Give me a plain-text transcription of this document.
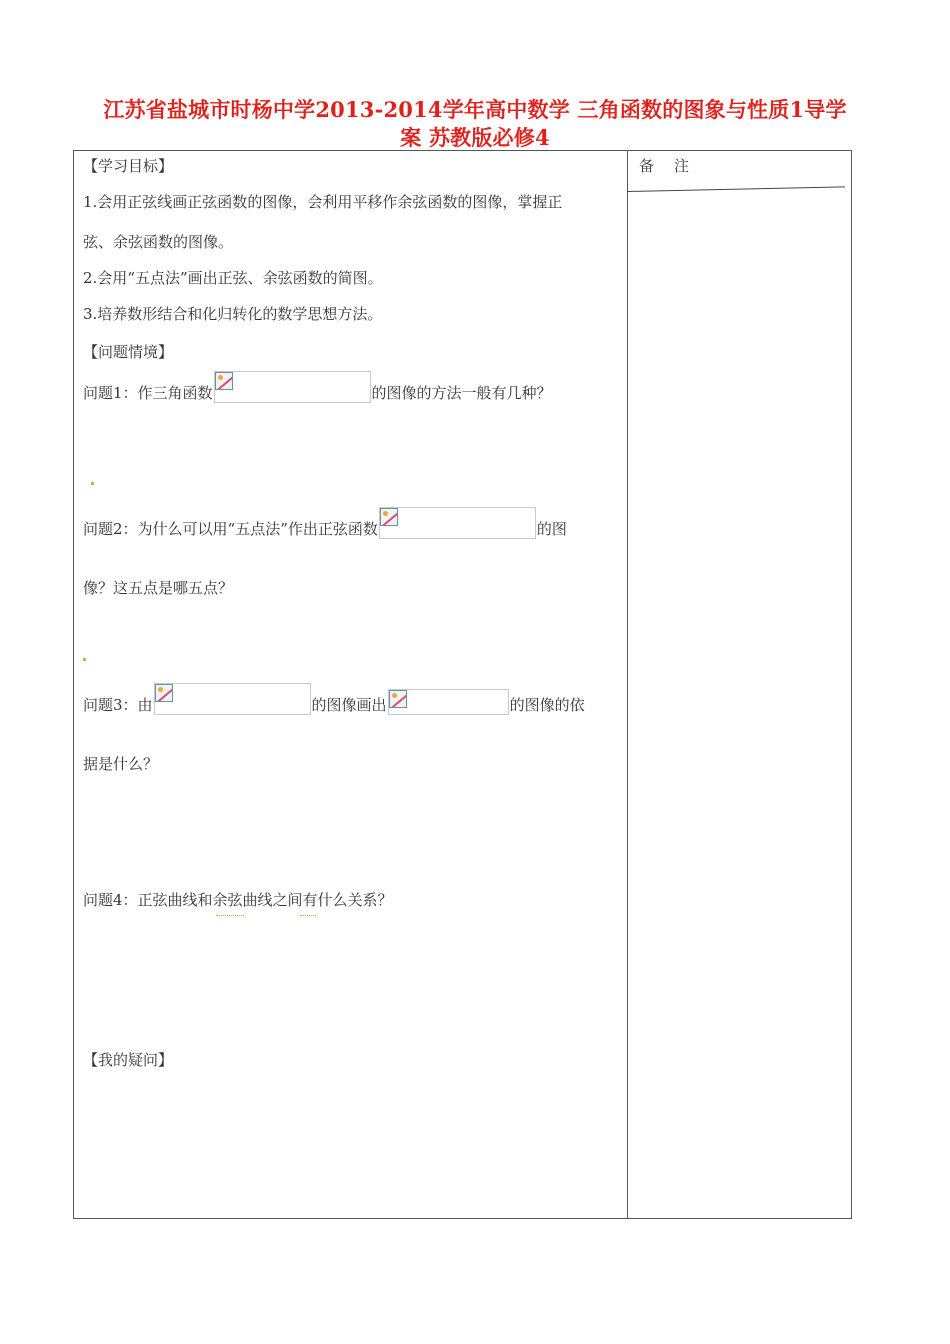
江苏省盐城市时杨中学2013-2014学年高中数学 三角函数的图象与性质1导学
案 苏教版必修4
备注
【学习目标】
1.会用正弦线画正弦函数的图像，会利用平移作余弦函数的图像，掌握正
弦、余弦函数的图像。
2.会用“五点法”画出正弦、余弦函数的简图。
3.培养数形结合和化归转化的数学思想方法。
【问题情境】
问题1：作三角函数	的图像的方法一般有几种？
问题2：为什么可以用“五点法”作出正弦函数	的图
像？这五点是哪五点？
问题3：由	的图像画出	的图像的依
据是什么？
问题4：正弦曲线和余弦曲线之间有什么关系？
【我的疑问】
